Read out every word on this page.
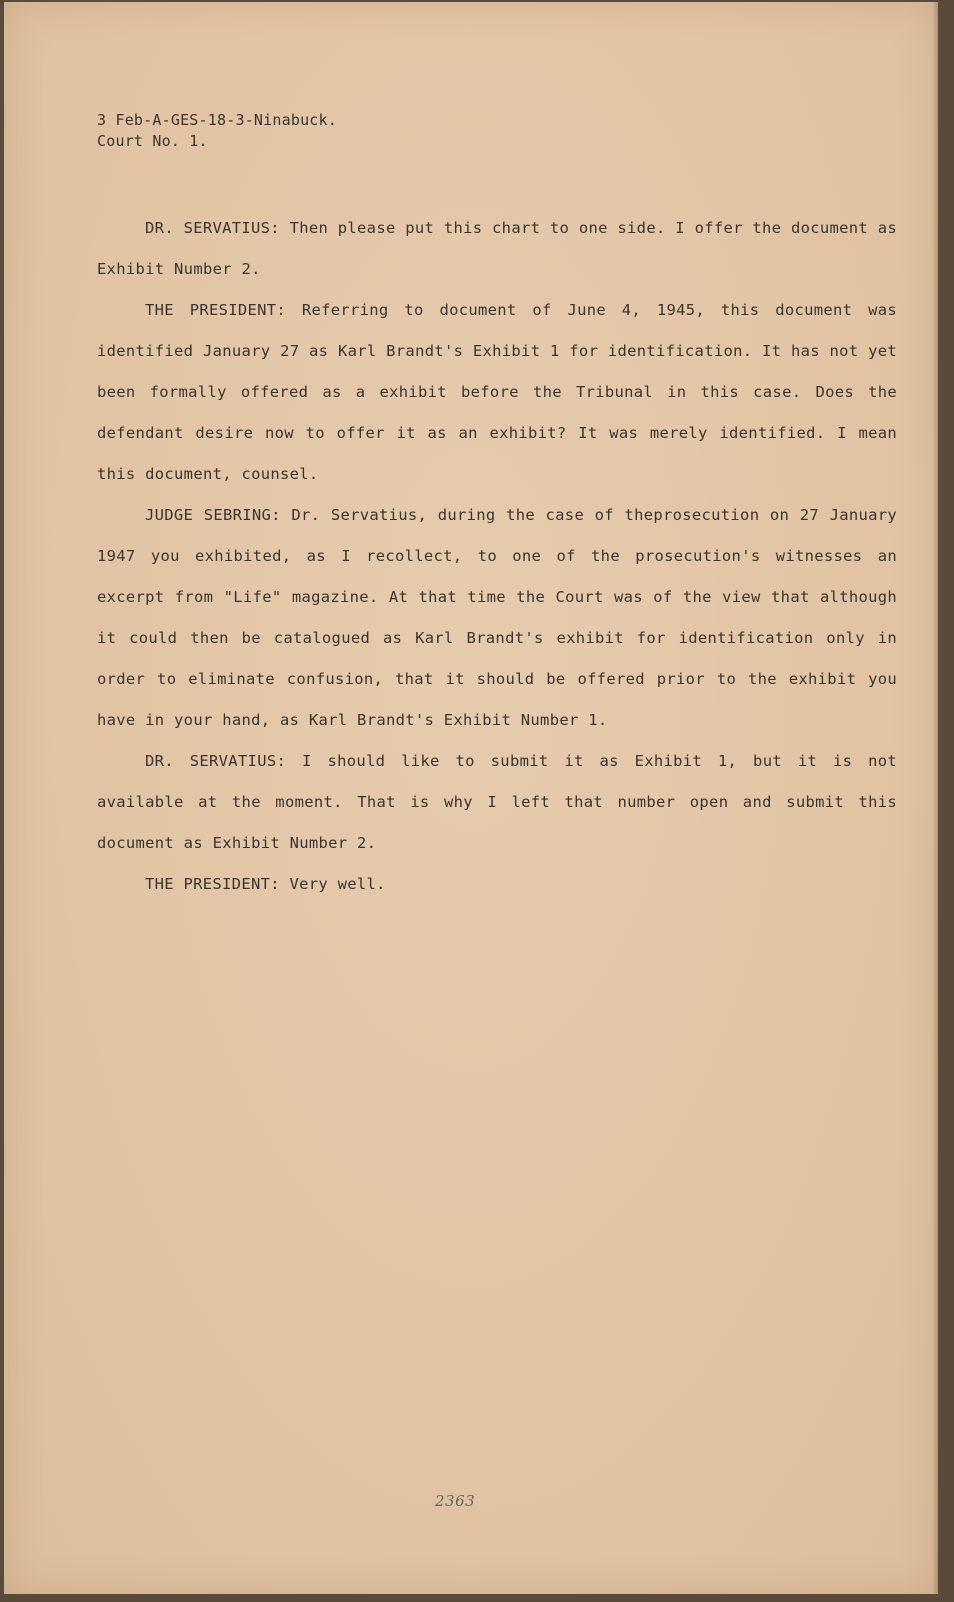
3 Feb-A-GES-18-3-Ninabuck.
Court No. 1.

DR. SERVATIUS: Then please put this chart to one side. I offer the document as Exhibit Number 2.

THE PRESIDENT: Referring to document of June 4, 1945, this document was identified January 27 as Karl Brandt's Exhibit 1 for identification. It has not yet been formally offered as a exhibit before the Tribunal in this case. Does the defendant desire now to offer it as an exhibit? It was merely identified. I mean this document, counsel.

JUDGE SEBRING: Dr. Servatius, during the case of theprosecution on 27 January 1947 you exhibited, as I recollect, to one of the prosecution's witnesses an excerpt from "Life" magazine. At that time the Court was of the view that although it could then be catalogued as Karl Brandt's exhibit for identification only in order to eliminate confusion, that it should be offered prior to the exhibit you have in your hand, as Karl Brandt's Exhibit Number 1.

DR. SERVATIUS: I should like to submit it as Exhibit 1, but it is not available at the moment. That is why I left that number open and submit this document as Exhibit Number 2.

THE PRESIDENT: Very well.

2363
